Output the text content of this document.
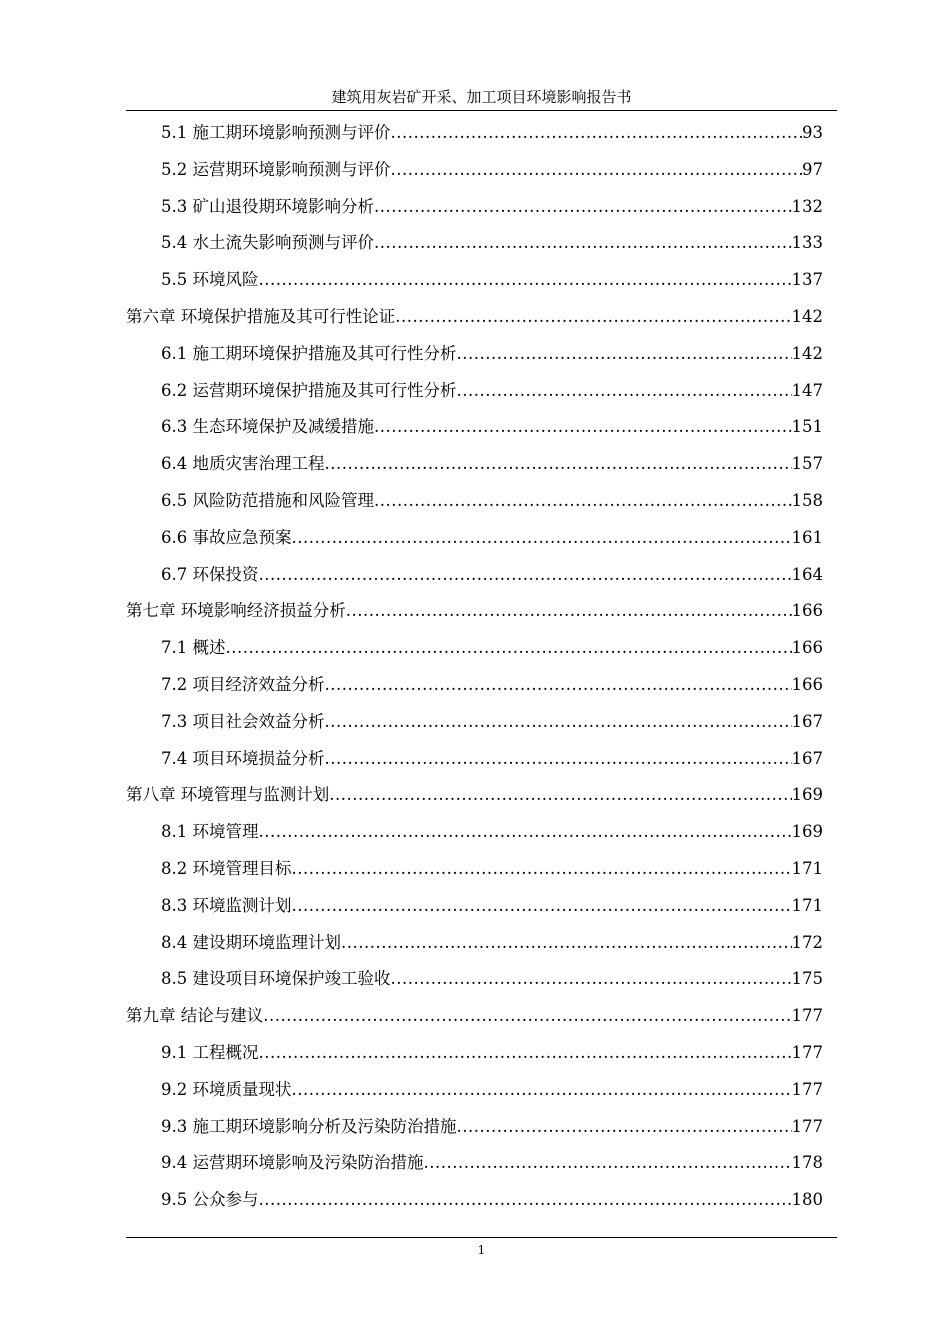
建筑用灰岩矿开采、加工项目环境影响报告书
5.1 施工期环境影响预测与评价 .....	93
5.2 运营期环境影响预测与评价 .....	97
5.3 矿山退役期环境影响分析 .....	132
5.4 水土流失影响预测与评价 .....	133
5.5 环境风险 .....	137
第六章 环境保护措施及其可行性论证 .....	142
6.1 施工期环境保护措施及其可行性分析 .....	142
6.2 运营期环境保护措施及其可行性分析 .....	147
6.3 生态环境保护及减缓措施 .....	151
6.4 地质灾害治理工程 .....	157
6.5 风险防范措施和风险管理 .....	158
6.6 事故应急预案 .....	161
6.7 环保投资 .....	164
第七章 环境影响经济损益分析 .....	166
7.1 概述 .....	166
7.2 项目经济效益分析 .....	166
7.3 项目社会效益分析 .....	167
7.4 项目环境损益分析 .....	167
第八章 环境管理与监测计划 .....	169
8.1 环境管理 .....	169
8.2 环境管理目标 .....	171
8.3 环境监测计划 .....	171
8.4 建设期环境监理计划 .....	172
8.5 建设项目环境保护竣工验收 .....	175
第九章 结论与建议 .....	177
9.1 工程概况 .....	177
9.2 环境质量现状 .....	177
9.3 施工期环境影响分析及污染防治措施 .....	177
9.4 运营期环境影响及污染防治措施 .....	178
9.5 公众参与 .....	180
1
